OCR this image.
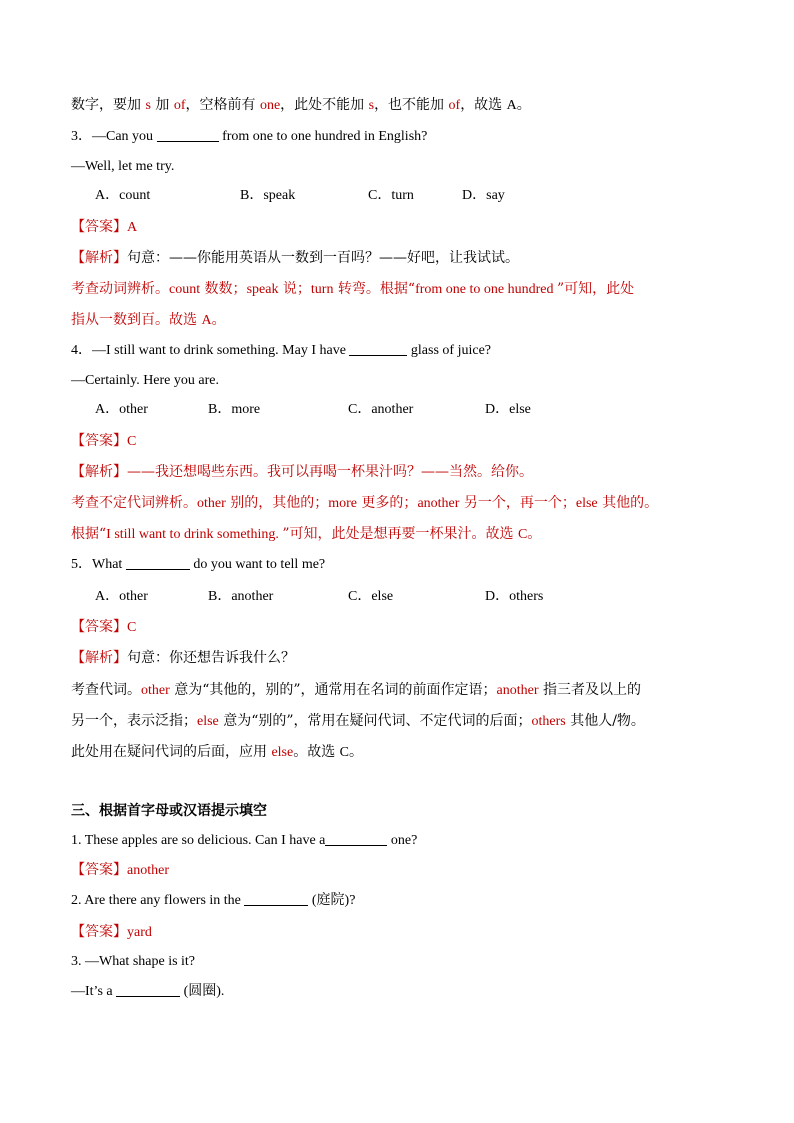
数字，要加 s 加 of，空格前有 one，此处不能加 s，也不能加 of，故选 A。
3．—Can you	from one to one hundred in English?
—Well, let me try.
A．count	B．speak	C．turn	D．say
【答案】A
【解析】句意：——你能用英语从一数到一百吗？——好吧，让我试试。
考查动词辨析。count 数数；speak 说；turn 转弯。根据“from one to one hundred ”可知，此处
指从一数到百。故选 A。
4．—I still want to drink something. May I have	glass of juice?
—Certainly. Here you are.
A．other	B．more	C．another	D．else
【答案】C
【解析】——我还想喝些东西。我可以再喝一杯果汁吗？——当然。给你。
考查不定代词辨析。other 别的，其他的；more 更多的；another 另一个，再一个；else 其他的。
根据“I still want to drink something. ”可知，此处是想再要一杯果汁。故选 C。
5．What	do you want to tell me?
A．other	B．another	C．else	D．others
【答案】C
【解析】句意：你还想告诉我什么？
考查代词。other 意为“其他的，别的”，通常用在名词的前面作定语；another 指三者及以上的
另一个，表示泛指；else 意为“别的”，常用在疑问代词、不定代词的后面；others 其他人/物。
此处用在疑问代词的后面，应用 else。故选 C。
三、根据首字母或汉语提示填空
1. These apples are so delicious. Can I have a	one?
【答案】another
2. Are there any flowers in the	(庭院)?
【答案】yard
3. —What shape is it?
—It’s a	(圆圈).
